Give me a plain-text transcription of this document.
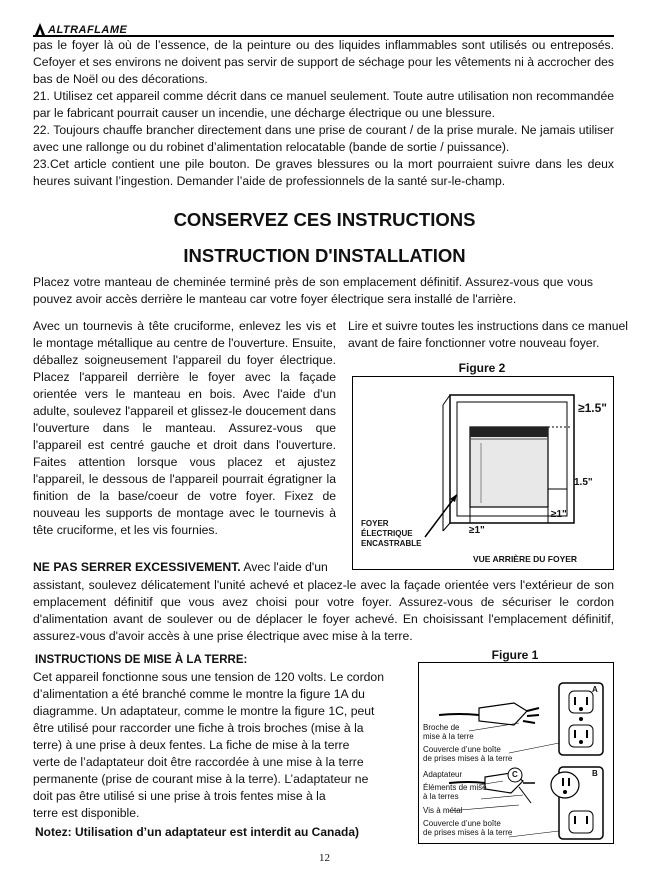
ALTRAFLAME
pas le foyer là où de l’essence, de la peinture ou des liquides inflammables sont utilisés ou entreposés.
Cefoyer et ses environs ne doivent pas servir de support de séchage pour les vêtements ni à accrocher des
bas de Noël ou des décorations.
21. Utilisez cet appareil comme décrit dans ce manuel seulement. Toute autre utilisation non recommandée
par le fabricant pourrait causer un incendie, une décharge électrique ou une blessure.
22. Toujours chauffe brancher directement dans une prise de courant / de la prise murale. Ne jamais utiliser
avec une rallonge ou du robinet d’alimentation relocatable (bande de sortie / puissance).
23.Cet article contient une pile bouton. De graves blessures ou la mort pourraient suivre dans les deux
heures suivant l’ingestion. Demander l’aide de professionnels de la santé sur-le-champ.
CONSERVEZ CES INSTRUCTIONS
INSTRUCTION D'INSTALLATION
Placez votre manteau de cheminée terminé près de son emplacement définitif. Assurez-vous que vous pouvez avoir accès derrière le manteau car votre foyer électrique sera installé de l'arrière.
Avec un tournevis à tête cruciforme, enlevez les vis et le montage métallique au centre de l'ouverture. Ensuite, déballez soigneusement l'appareil du foyer électrique. Placez l'appareil derrière le foyer avec la façade orientée vers le manteau en bois. Avec l'aide d'un adulte, soulevez l'appareil et glissez-le doucement dans l'ouverture dans le manteau. Assurez-vous que l'appareil est centré gauche et droit dans l'ouverture. Faites attention lorsque vous placez et ajustez l'appareil, le dessous de l'appareil pourrait égratigner la finition de la base/coeur de votre foyer. Fixez de nouveau les supports de montage avec le tournevis à tête cruciforme, et les vis fournies.
Lire et suivre toutes les instructions dans ce manuel avant de faire fonctionner votre nouveau foyer.
Figure 2
≥1.5"
1.5"
≥1"
≥1"
FOYER
ÉLECTRIQUE
ENCASTRABLE
VUE ARRIÈRE DU FOYER
NE PAS SERRER EXCESSIVEMENT. Avec l'aide d'un
assistant, soulevez délicatement l'unité achevé et placez-le avec la façade orientée vers l'extérieur de son
emplacement définitif que vous avez choisi pour votre foyer. Assurez-vous de sécuriser le cordon
d'alimentation avant de soulever ou de déplacer le foyer achevé. En choisissant l'emplacement définitif,
assurez-vous d'avoir accès à une prise électrique avec mise à la terre.
INSTRUCTIONS DE MISE À LA TERRE:
Cet appareil fonctionne sous une tension de 120 volts. Le cordon
d’alimentation a été branché comme le montre la figure 1A du
diagramme. Un adaptateur, comme le montre la figure 1C, peut
être utilisé pour raccorder une fiche à trois broches (mise à la
terre) à une prise à deux fentes. La fiche de mise à la terre
verte de l’adaptateur doit être raccordée à une mise à la terre
permanente (prise de courant mise à la terre). L’adaptateur ne
doit pas être utilisé si une prise à trois fentes mise à la
terre est disponible.
Notez: Utilisation d’un adaptateur est interdit au Canada)
Figure 1
A
B
C
Broche de
mise à la terre
Couvercle d’une boîte
de prises mises à la terre
Adaptateur
Éléments de mise
à la terres
Vis à métal
Couvercle d’une boîte
de prises mises à la terre
12
